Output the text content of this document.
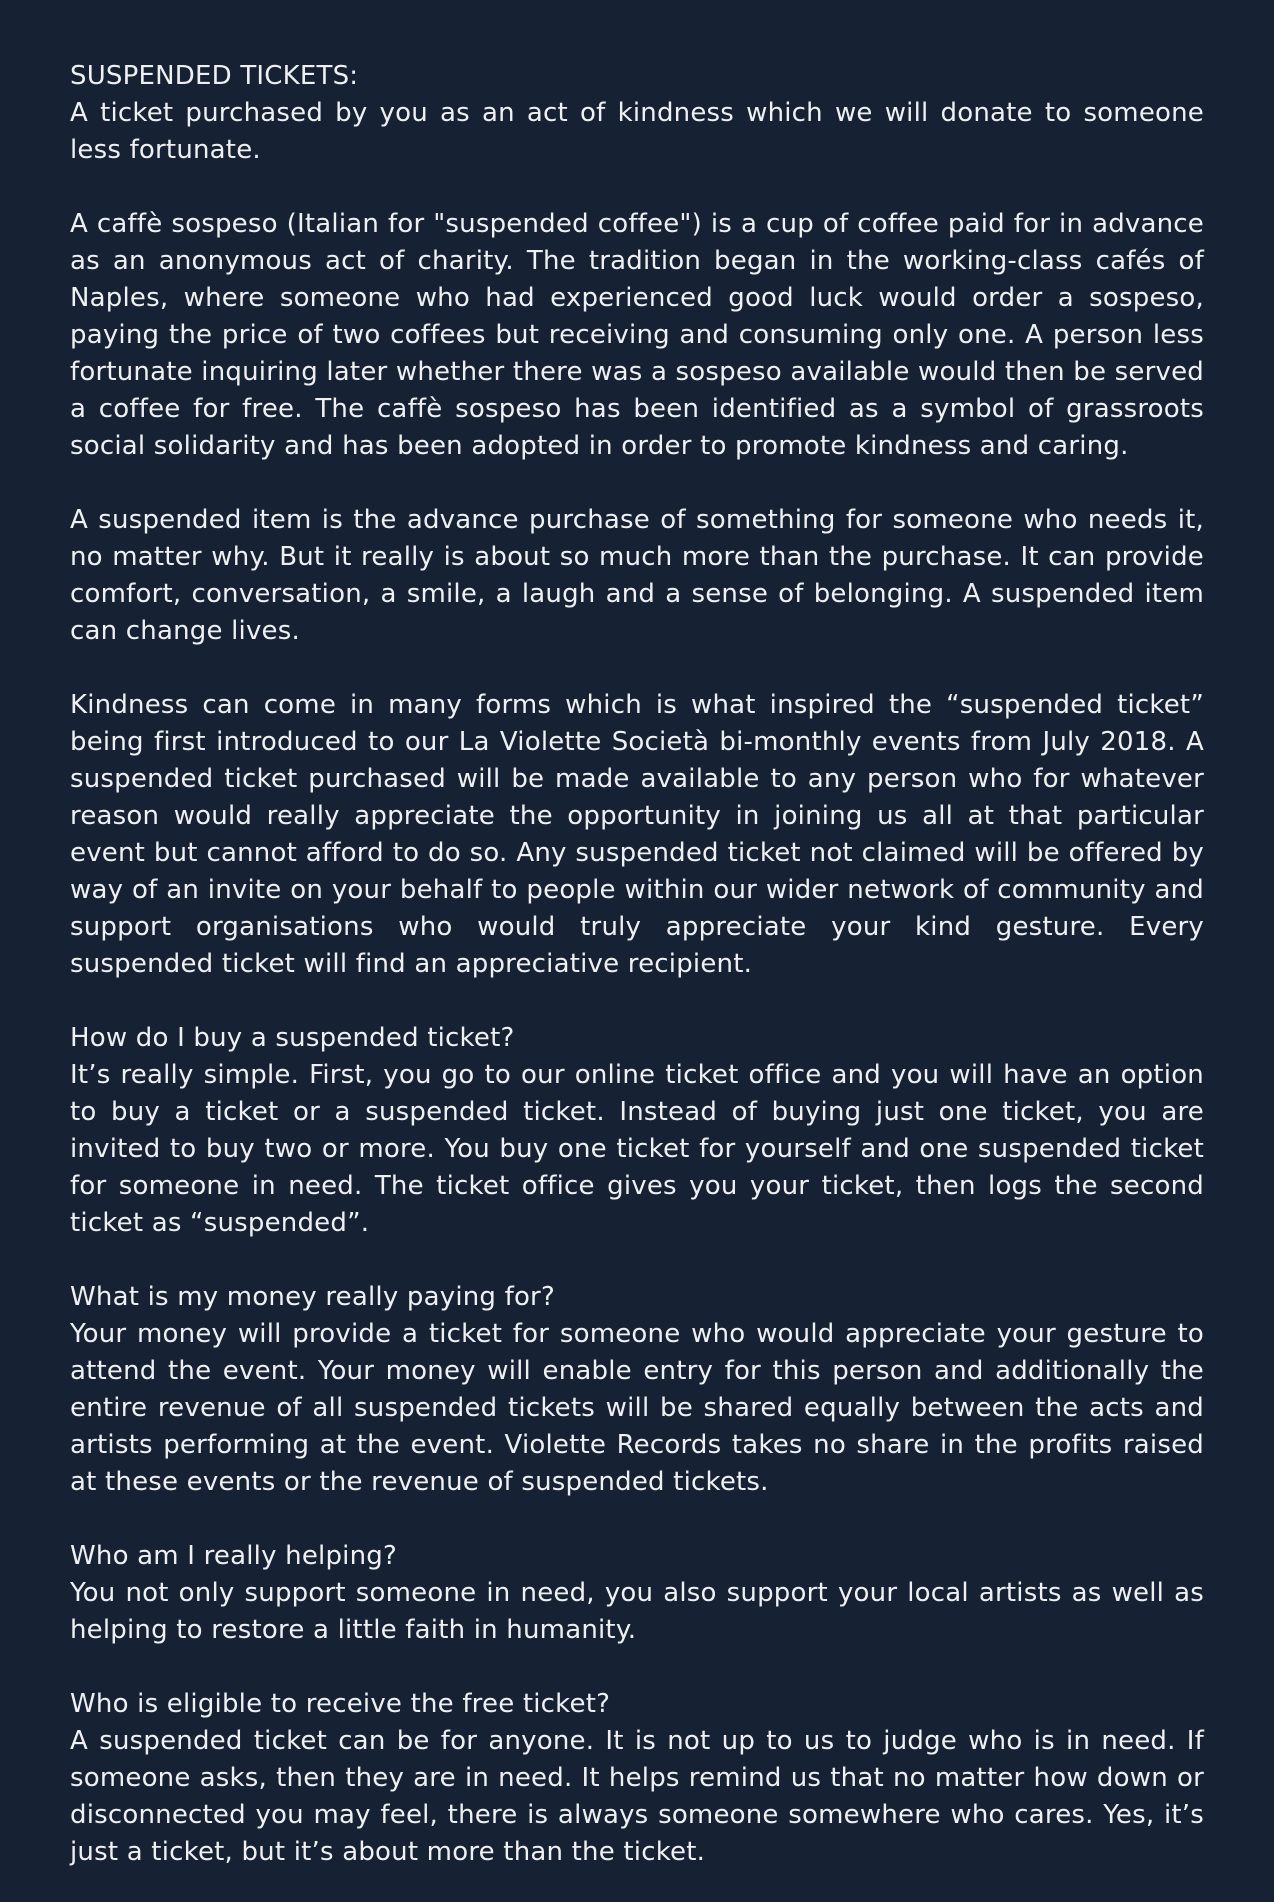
SUSPENDED TICKETS:

A ticket purchased by you as an act of kindness which we will donate to someone less fortunate.

A caffè sospeso (Italian for "suspended coffee") is a cup of coffee paid for in advance as an anonymous act of charity. The tradition began in the working-class cafés of Naples, where someone who had experienced good luck would order a sospeso, paying the price of two coffees but receiving and consuming only one. A person less fortunate inquiring later whether there was a sospeso available would then be served a coffee for free. The caffè sospeso has been identified as a symbol of grassroots social solidarity and has been adopted in order to promote kindness and caring.

A suspended item is the advance purchase of something for someone who needs it, no matter why. But it really is about so much more than the purchase. It can provide comfort, conversation, a smile, a laugh and a sense of belonging. A suspended item can change lives.

Kindness can come in many forms which is what inspired the “suspended ticket” being first introduced to our La Violette Società bi-monthly events from July 2018. A suspended ticket purchased will be made available to any person who for whatever reason would really appreciate the opportunity in joining us all at that particular event but cannot afford to do so. Any suspended ticket not claimed will be offered by way of an invite on your behalf to people within our wider network of community and support organisations who would truly appreciate your kind gesture. Every suspended ticket will find an appreciative recipient.

How do I buy a suspended ticket?

It’s really simple. First, you go to our online ticket office and you will have an option to buy a ticket or a suspended ticket. Instead of buying just one ticket, you are invited to buy two or more. You buy one ticket for yourself and one suspended ticket for someone in need. The ticket office gives you your ticket, then logs the second ticket as “suspended”.

What is my money really paying for?

Your money will provide a ticket for someone who would appreciate your gesture to attend the event. Your money will enable entry for this person and additionally the entire revenue of all suspended tickets will be shared equally between the acts and artists performing at the event. Violette Records takes no share in the profits raised at these events or the revenue of suspended tickets.

Who am I really helping?

You not only support someone in need, you also support your local artists as well as helping to restore a little faith in humanity.

Who is eligible to receive the free ticket?

A suspended ticket can be for anyone. It is not up to us to judge who is in need. If someone asks, then they are in need. It helps remind us that no matter how down or disconnected you may feel, there is always someone somewhere who cares. Yes, it’s just a ticket, but it’s about more than the ticket.
